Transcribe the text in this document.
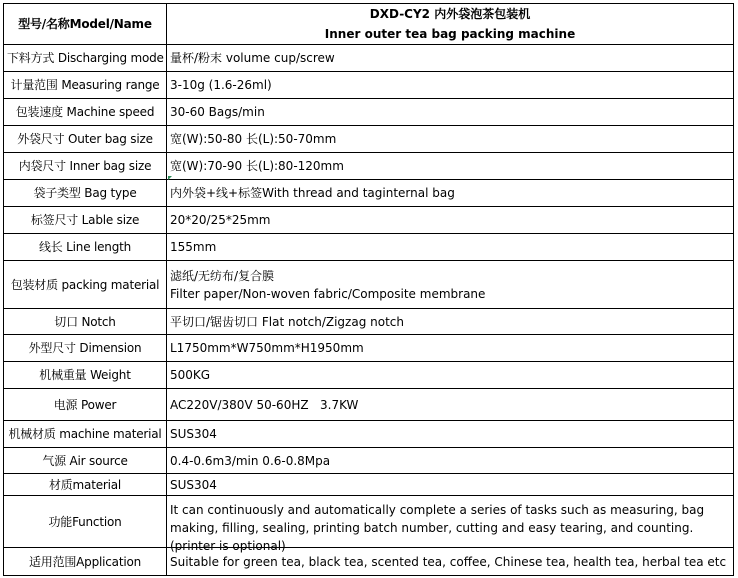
型号/名称Model/Name	DXD-CY2 内外袋泡茶包装机
Inner outer tea bag packing machine

下料方式 Discharging mode	量杯/粉末 volume cup/screw
计量范围 Measuring range	3-10g (1.6-26ml)
包装速度 Machine speed	30-60 Bags/min
外袋尺寸 Outer bag size	宽(W):50-80 长(L):50-70mm
内袋尺寸 Inner bag size	宽(W):70-90 长(L):80-120mm
袋子类型 Bag type	内外袋+线+标签With thread and taginternal bag
标签尺寸 Lable size	20*20/25*25mm
线长 Line length	155mm
包装材质 packing material	滤纸/无纺布/复合膜
Filter paper/Non-woven fabric/Composite membrane

切口 Notch	平切口/锯齿切口 Flat notch/Zigzag notch
外型尺寸 Dimension	L1750mm*W750mm*H1950mm
机械重量 Weight	500KG
电源 Power	AC220V/380V 50-60HZ   3.7KW
机械材质 machine material	SUS304
气源 Air source	0.4-0.6m3/min 0.6-0.8Mpa
材质material	SUS304
功能Function	It can continuously and automatically complete a series of tasks such as measuring, bag making, filling, sealing, printing batch number, cutting and easy tearing, and counting. (printer is optional)

适用范围Application	Suitable for green tea, black tea, scented tea, coffee, Chinese tea, health tea, herbal tea etc
